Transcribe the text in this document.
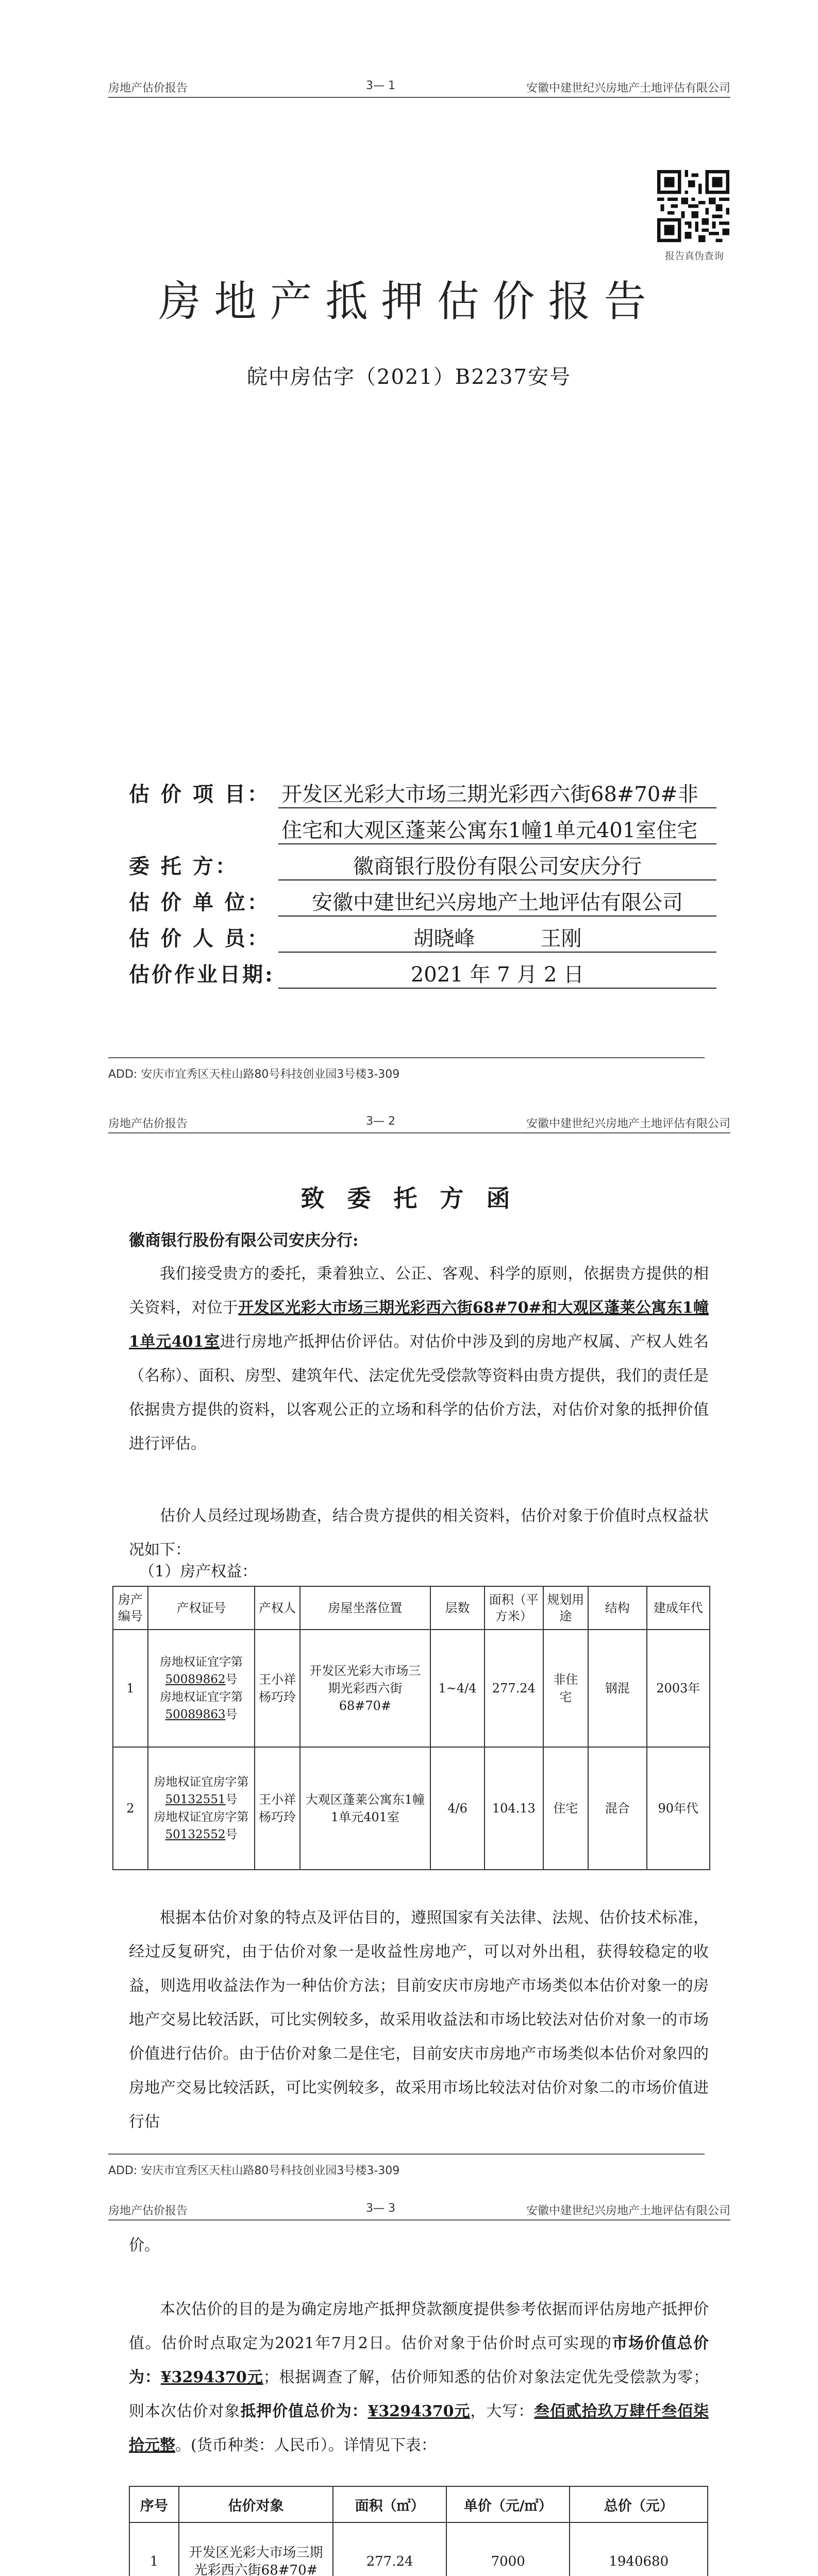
房地产估价报告	3— 1	安徽中建世纪兴房地产土地评估有限公司
报告真伪查询
房地产抵押估价报告
皖中房估字（2021）B2237安号
估 价 项 目： 开发区光彩大市场三期光彩西六街68#70#非
住宅和大观区蓬莱公寓东1幢1单元401室住宅
委 托 方：	徽商银行股份有限公司安庆分行
估 价 单 位：	安徽中建世纪兴房地产土地评估有限公司
估 价 人 员：	胡晓峰          王刚
估价作业日期:	2021 年 7 月 2 日
ADD: 安庆市宜秀区天柱山路80号科技创业园3号楼3-309
房地产估价报告	3— 2	安徽中建世纪兴房地产土地评估有限公司
致 委 托 方 函
徽商银行股份有限公司安庆分行:

我们接受贵方的委托，秉着独立、公正、客观、科学的原则，依据贵方提供的相关资料，对位于开发区光彩大市场三期光彩西六街68#70#和大观区蓬莱公寓东1幢1单元401室进行房地产抵押估价评估。对估价中涉及到的房地产权属、产权人姓名（名称）、面积、房型、建筑年代、法定优先受偿款等资料由贵方提供，我们的责任是依据贵方提供的资料，以客观公正的立场和科学的估价方法，对估价对象的抵押价值进行评估。

估价人员经过现场勘查，结合贵方提供的相关资料，估价对象于价值时点权益状况如下：

（1）房产权益：
房产编号	产权证号	产权人	房屋坐落位置	层数	面积（平方米）	规划用途	结构	建成年代
1	房地权证宜字第50089862号
房地权证宜字第50089863号	王小祥 杨巧玲	开发区光彩大市场三期光彩西六街68#70#	1~4/4	277.24	非住宅	钢混	2003年
2	房地权证宜房字第50132551号
房地权证宜房字第50132552号	王小祥 杨巧玲	大观区蓬莱公寓东1幢1单元401室	4/6	104.13	住宅	混合	90年代

根据本估价对象的特点及评估目的，遵照国家有关法律、法规、估价技术标准，经过反复研究，由于估价对象一是收益性房地产，可以对外出租，获得较稳定的收益，则选用收益法作为一种估价方法；目前安庆市房地产市场类似本估价对象一的房地产交易比较活跃，可比实例较多，故采用收益法和市场比较法对估价对象一的市场价值进行估价。由于估价对象二是住宅，目前安庆市房地产市场类似本估价对象四的房地产交易比较活跃，可比实例较多，故采用市场比较法对估价对象二的市场价值进行估

ADD: 安庆市宜秀区天柱山路80号科技创业园3号楼3-309
房地产估价报告	3— 3	安徽中建世纪兴房地产土地评估有限公司

价。

本次估价的目的是为确定房地产抵押贷款额度提供参考依据而评估房地产抵押价值。估价时点取定为2021年7月2日。估价对象于估价时点可实现的市场价值总价为：¥3294370元；根据调查了解，估价师知悉的估价对象法定优先受偿款为零；则本次估价对象抵押价值总价为：¥3294370元，大写：叁佰贰拾玖万肆仟叁佰柒拾元整。(货币种类：人民币）。详情见下表：

序号	估价对象	面积（㎡）	单价（元/㎡）	总价（元）
1	开发区光彩大市场三期光彩西六街68#70#	277.24	7000	1940680
